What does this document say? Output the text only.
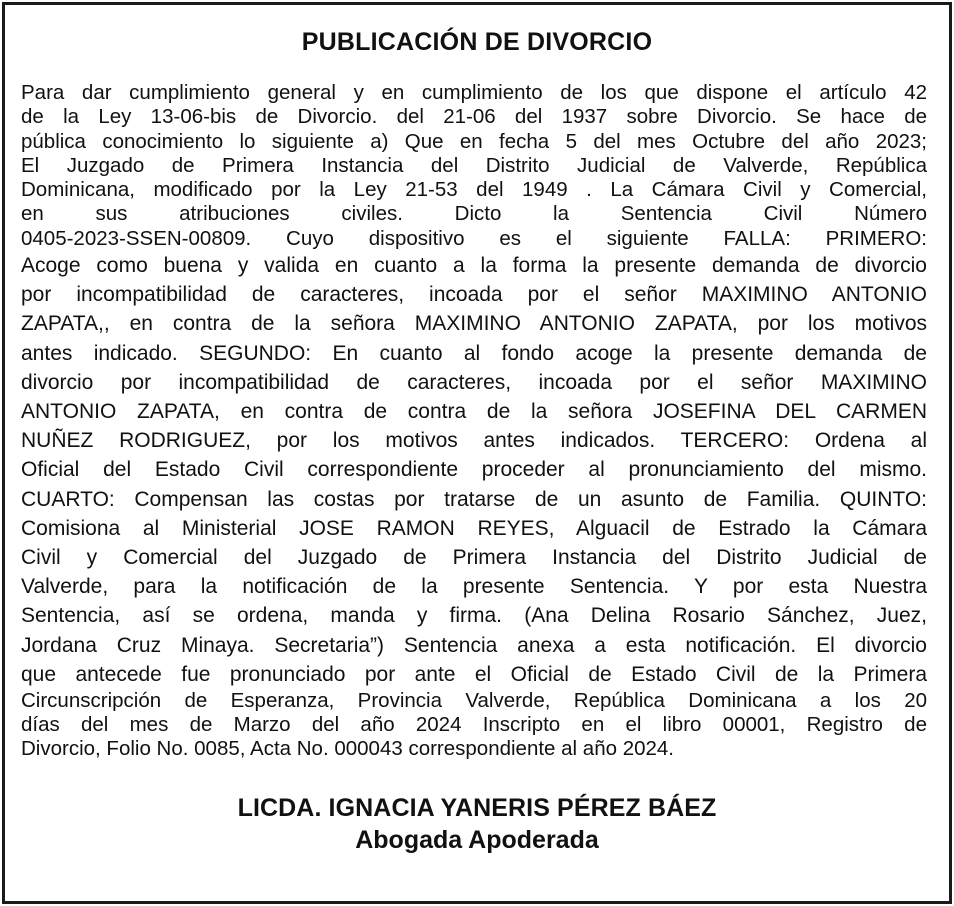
PUBLICACIÓN DE DIVORCIO
Para dar cumplimiento general y en cumplimiento de los que dispone el artículo 42
de la Ley 13-06-bis de Divorcio. del 21-06 del 1937 sobre Divorcio. Se hace de
pública conocimiento lo siguiente a) Que en fecha 5 del mes Octubre del año 2023;
El Juzgado de Primera Instancia del Distrito Judicial de Valverde, República
Dominicana, modificado por la Ley 21-53 del 1949 . La Cámara Civil y Comercial,
en sus atribuciones civiles. Dicto la Sentencia Civil Número
0405-2023-SSEN-00809. Cuyo dispositivo es el siguiente FALLA: PRIMERO:
Acoge como buena y valida en cuanto a la forma la presente demanda de divorcio
por incompatibilidad de caracteres, incoada por el señor MAXIMINO ANTONIO
ZAPATA,, en contra de la señora MAXIMINO ANTONIO ZAPATA, por los motivos
antes indicado. SEGUNDO: En cuanto al fondo acoge la presente demanda de
divorcio por incompatibilidad de caracteres, incoada por el señor MAXIMINO
ANTONIO ZAPATA, en contra de contra de la señora JOSEFINA DEL CARMEN
NUÑEZ RODRIGUEZ, por los motivos antes indicados. TERCERO: Ordena al
Oficial del Estado Civil correspondiente proceder al pronunciamiento del mismo.
CUARTO: Compensan las costas por tratarse de un asunto de Familia. QUINTO:
Comisiona al Ministerial JOSE RAMON REYES, Alguacil de Estrado la Cámara
Civil y Comercial del Juzgado de Primera Instancia del Distrito Judicial de
Valverde, para la notificación de la presente Sentencia. Y por esta Nuestra
Sentencia, así se ordena, manda y firma. (Ana Delina Rosario Sánchez, Juez,
Jordana Cruz Minaya. Secretaria”) Sentencia anexa a esta notificación. El divorcio
que antecede fue pronunciado por ante el Oficial de Estado Civil de la Primera
Circunscripción de Esperanza, Provincia Valverde, República Dominicana a los 20
días del mes de Marzo del año 2024 Inscripto en el libro 00001, Registro de
Divorcio, Folio No. 0085, Acta No. 000043 correspondiente al año 2024.

LICDA. IGNACIA YANERIS PÉREZ BÁEZ

Abogada Apoderada
